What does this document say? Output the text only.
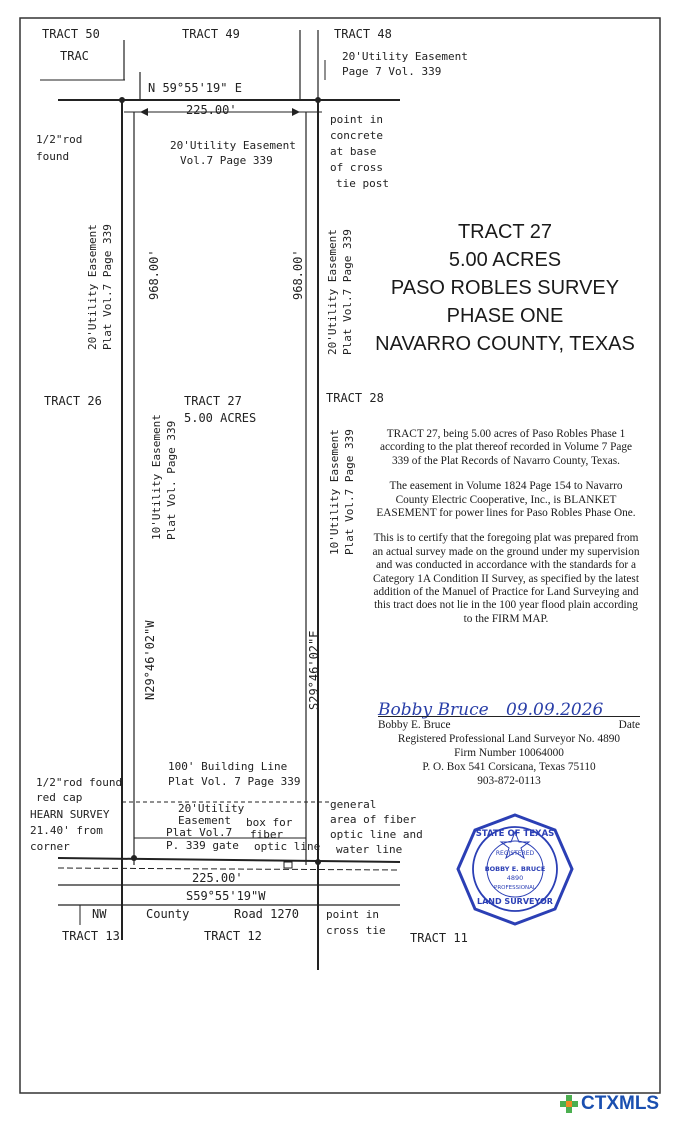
TRACT 50
TRAC
TRACT 49	TRACT 48
20'Utility Easement
Page 7 Vol. 339
N 59°55'19" E
225.00'
1/2"rod
found
20'Utility Easement
Vol.7 Page 339
point in
concrete
at base
of cross
tie post
20'Utility Easement Plat Vol.7 Page 339	968.00'	968.00' 20'Utility Easement Plat Vol.7 Page 339
TRACT 26	TRACT 27
5.00 ACRES
TRACT 28
10'Utility Easement Plat Vol. Page 339	10'Utility Easement Plat Vol.7 Page 339
N29°46'02"W	S29°46'02"E
100' Building Line
Plat Vol. 7 Page 339
1/2"rod found
red cap
HEARN SURVEY
21.40' from
corner
20'Utility
Easement
Plat Vol.7
P. 339 gate
box for
fiber
optic line
general
area of fiber
optic line and
water line
225.00'
S59°55'19"W
NW	County	Road 1270 point in
cross tie
TRACT 13	TRACT 12	TRACT 11
TRACT 27
5.00 ACRES
PASO ROBLES SURVEY
PHASE ONE
NAVARRO COUNTY, TEXAS

TRACT 27, being 5.00 acres of Paso Robles Phase 1 according to the plat thereof recorded in Volume 7 Page 339 of the Plat Records of Navarro County, Texas.

The easement in Volume 1824 Page 154 to Navarro County Electric Cooperative, Inc., is BLANKET EASEMENT for power lines for Paso Robles Phase One.

This is to certify that the foregoing plat was prepared from an actual survey made on the ground under my supervision and was conducted in accordance with the standards for a Category 1A Condition II Survey, as specified by the latest addition of the Manuel of Practice for Land Surveying and this tract does not lie in the 100 year flood plain according to the FIRM MAP.

Bobby Bruce 09.09.2026
Bobby E. Bruce	Date
Registered Professional Land Surveyor No. 4890
Firm Number 10064000
P. O. Box 541 Corsicana, Texas 75110
903-872-0113
STATE OF TEXAS
REGISTERED
BOBBY E. BRUCE
4890
PROFESSIONAL
LAND SURVEYOR
CTXMLS
